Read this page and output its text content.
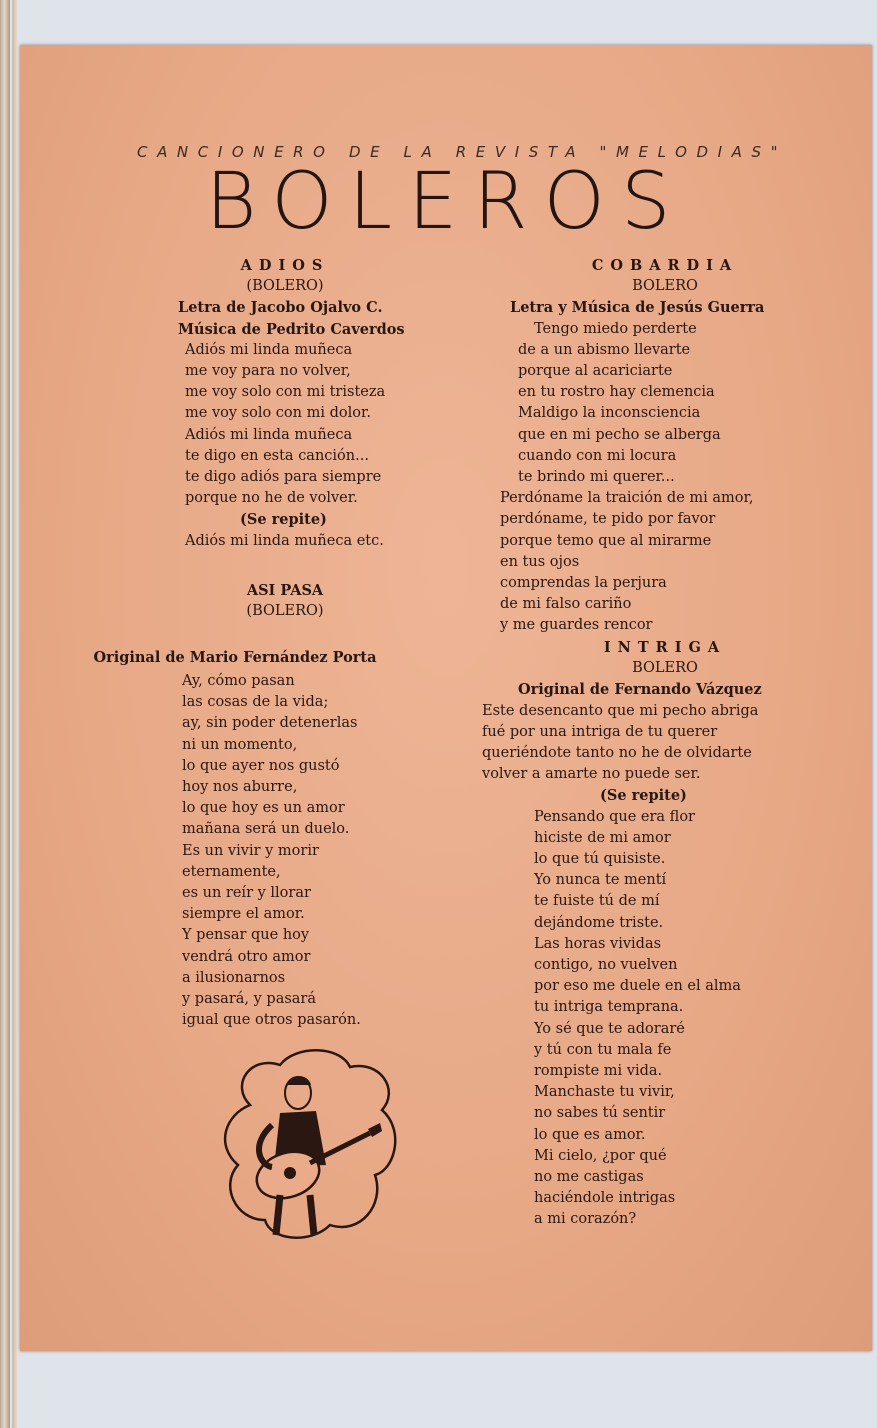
CANCIONERO DE LA REVISTA "MELODIAS"
BOLEROS
ADIOS
(BOLERO)
Letra de Jacobo Ojalvo C.
Música de Pedrito Caverdos
Adiós mi linda muñeca
me voy para no volver,
me voy solo con mi tristeza
me voy solo con mi dolor.
Adiós mi linda muñeca
te digo en esta canción...
te digo adiós para siempre
porque no he de volver.
(Se repite)
Adiós mi linda muñeca etc.
ASI PASA
(BOLERO)
Original de Mario Fernández Porta
Ay, cómo pasan
las cosas de la vida;
ay, sin poder detenerlas
ni un momento,
lo que ayer nos gustó
hoy nos aburre,
lo que hoy es un amor
mañana será un duelo.
Es un vivir y morir
eternamente,
es un reír y llorar
siempre el amor.
Y pensar que hoy
vendrá otro amor
a ilusionarnos
y pasará, y pasará
igual que otros pasarón.
COBARDIA
BOLERO
Letra y Música de Jesús Guerra
Tengo miedo perderte
de a un abismo llevarte
porque al acariciarte
en tu rostro hay clemencia
Maldigo la inconsciencia
que en mi pecho se alberga
cuando con mi locura
te brindo mi querer...
Perdóname la traición de mi amor,
perdóname, te pido por favor
porque temo que al mirarme
en tus ojos
comprendas la perjura
de mi falso cariño
y me guardes rencor
INTRIGA
BOLERO
Original de Fernando Vázquez
Este desencanto que mi pecho abriga
fué por una intriga de tu querer
queriéndote tanto no he de olvidarte
volver a amarte no puede ser.
(Se repite)
Pensando que era flor
hiciste de mi amor
lo que tú quisiste.
Yo nunca te mentí
te fuiste tú de mí
dejándome triste.
Las horas vividas
contigo, no vuelven
por eso me duele en el alma
tu intriga temprana.
Yo sé que te adoraré
y tú con tu mala fe
rompiste mi vida.
Manchaste tu vivir,
no sabes tú sentir
lo que es amor.
Mi cielo, ¿por qué
no me castigas
haciéndole intrigas
a mi corazón?
